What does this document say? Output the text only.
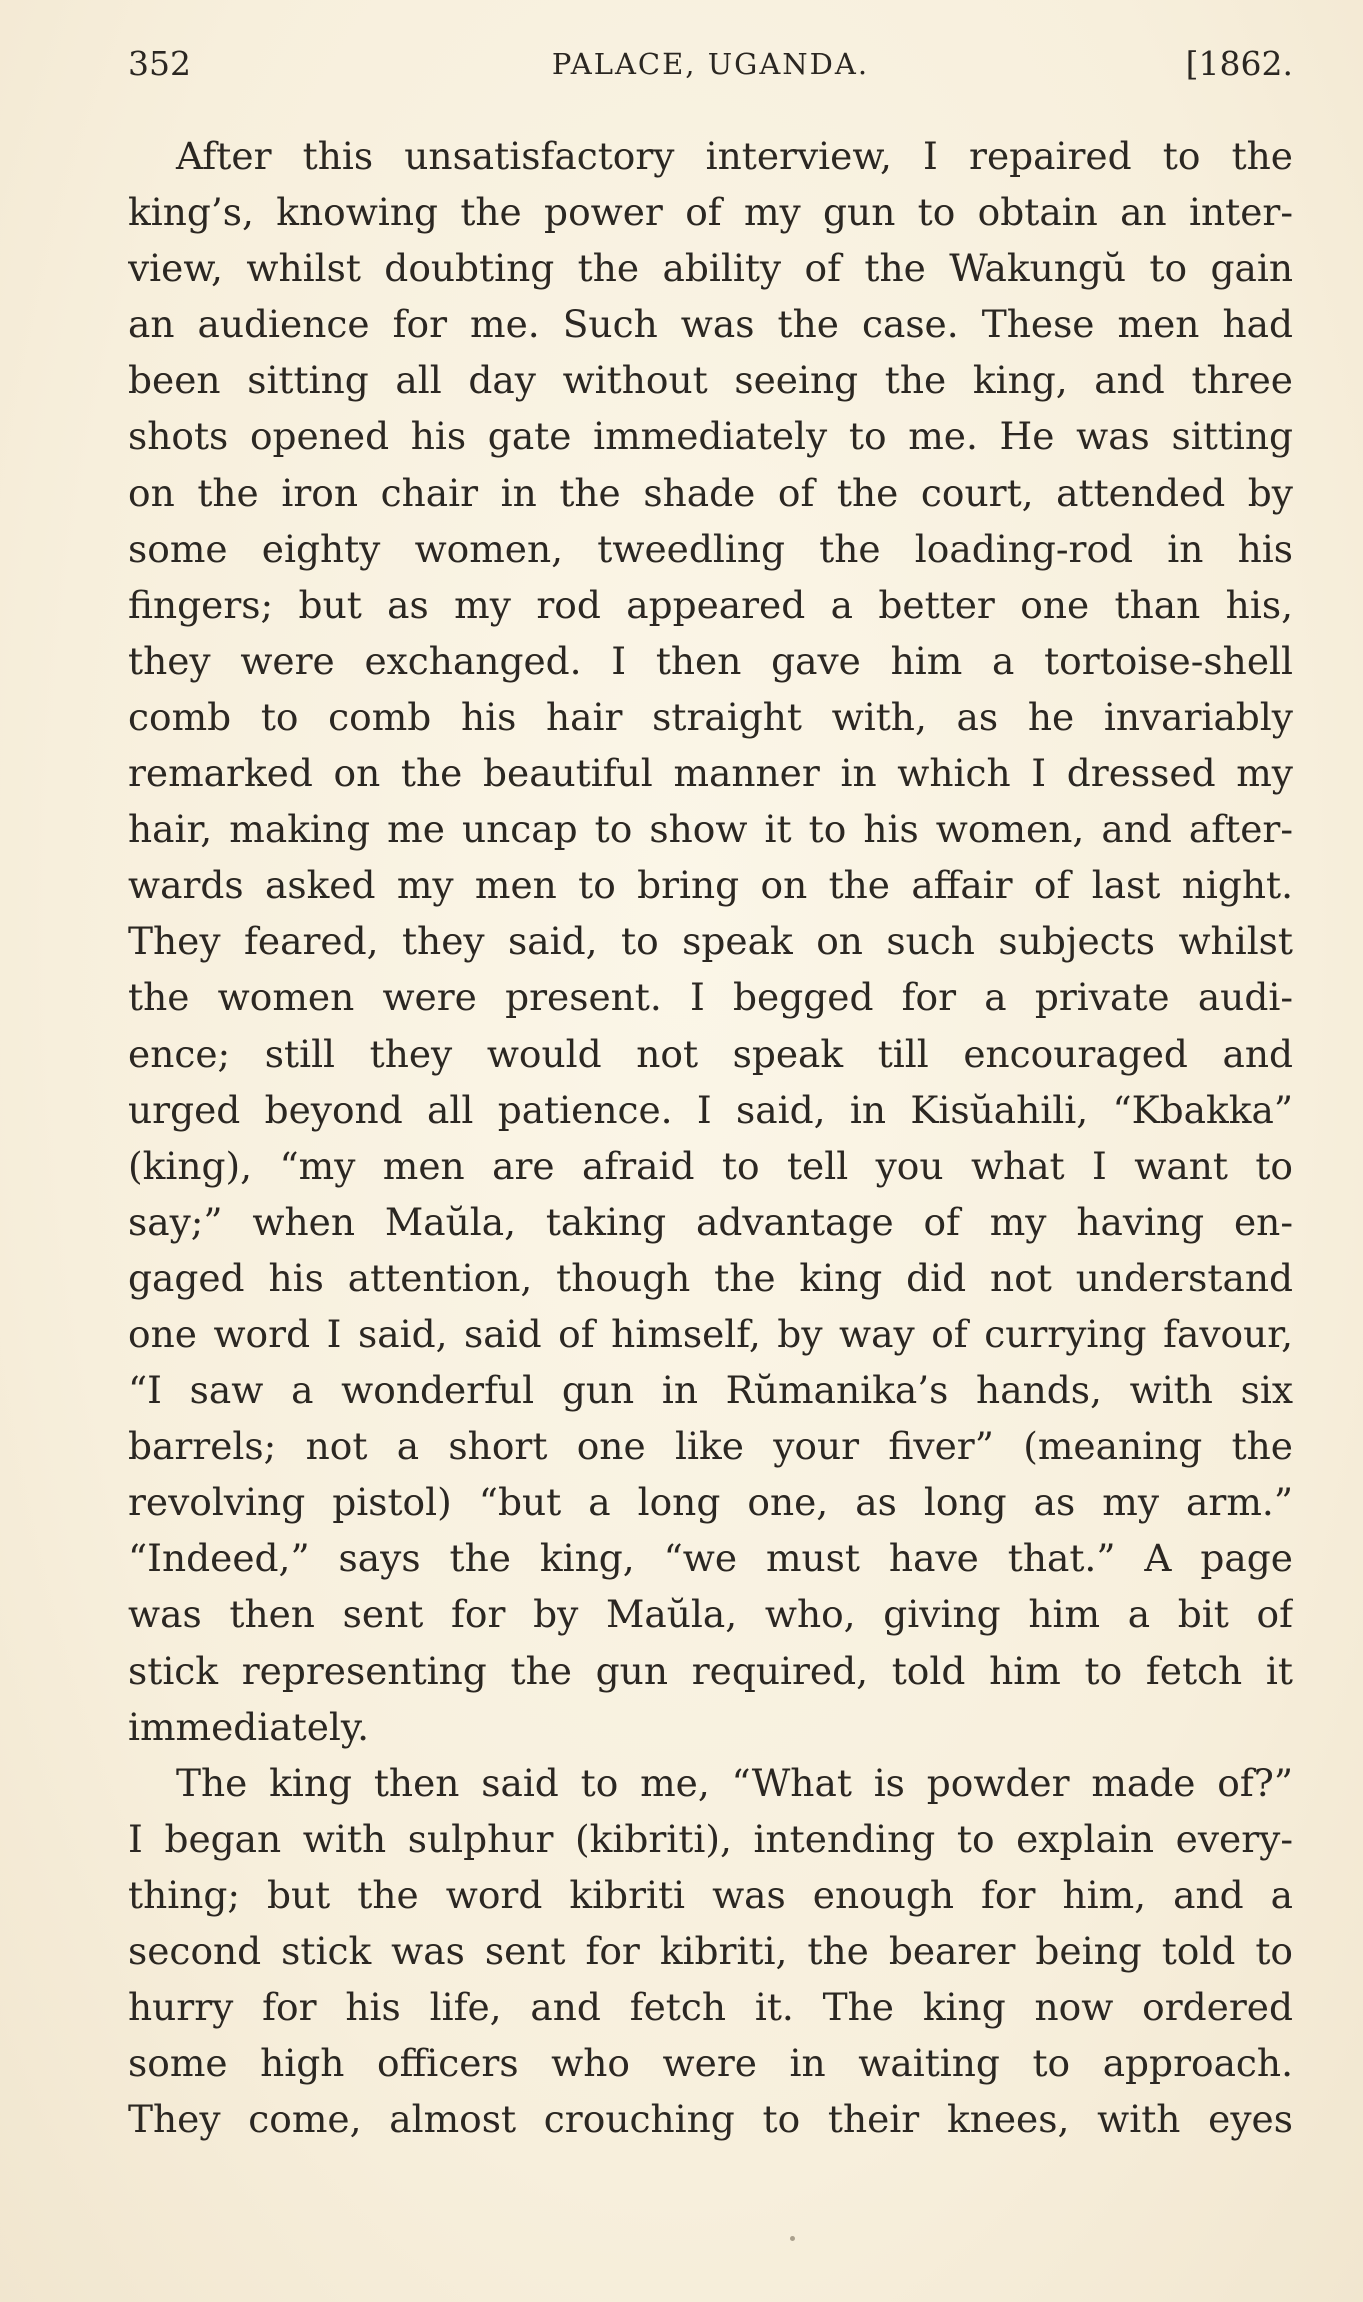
352	PALACE, UGANDA.	[1862.
After this unsatisfactory interview, I repaired to the
king’s, knowing the power of my gun to obtain an inter-
view, whilst doubting the ability of the Wakungŭ to gain
an audience for me. Such was the case. These men had
been sitting all day without seeing the king, and three
shots opened his gate immediately to me. He was sitting
on the iron chair in the shade of the court, attended by
some eighty women, tweedling the loading-rod in his
fingers; but as my rod appeared a better one than his,
they were exchanged. I then gave him a tortoise-shell
comb to comb his hair straight with, as he invariably
remarked on the beautiful manner in which I dressed my
hair, making me uncap to show it to his women, and after-
wards asked my men to bring on the affair of last night.
They feared, they said, to speak on such subjects whilst
the women were present. I begged for a private audi-
ence; still they would not speak till encouraged and
urged beyond all patience. I said, in Kisŭahili, “Kbakka”
(king), “my men are afraid to tell you what I want to
say;” when Maŭla, taking advantage of my having en-
gaged his attention, though the king did not understand
one word I said, said of himself, by way of currying favour,
“I saw a wonderful gun in Rŭmanika’s hands, with six
barrels; not a short one like your fiver” (meaning the
revolving pistol) “but a long one, as long as my arm.”
“Indeed,” says the king, “we must have that.” A page
was then sent for by Maŭla, who, giving him a bit of
stick representing the gun required, told him to fetch it
immediately.
The king then said to me, “What is powder made of?”
I began with sulphur (kibriti), intending to explain every-
thing; but the word kibriti was enough for him, and a
second stick was sent for kibriti, the bearer being told to
hurry for his life, and fetch it. The king now ordered
some high officers who were in waiting to approach.
They come, almost crouching to their knees, with eyes
